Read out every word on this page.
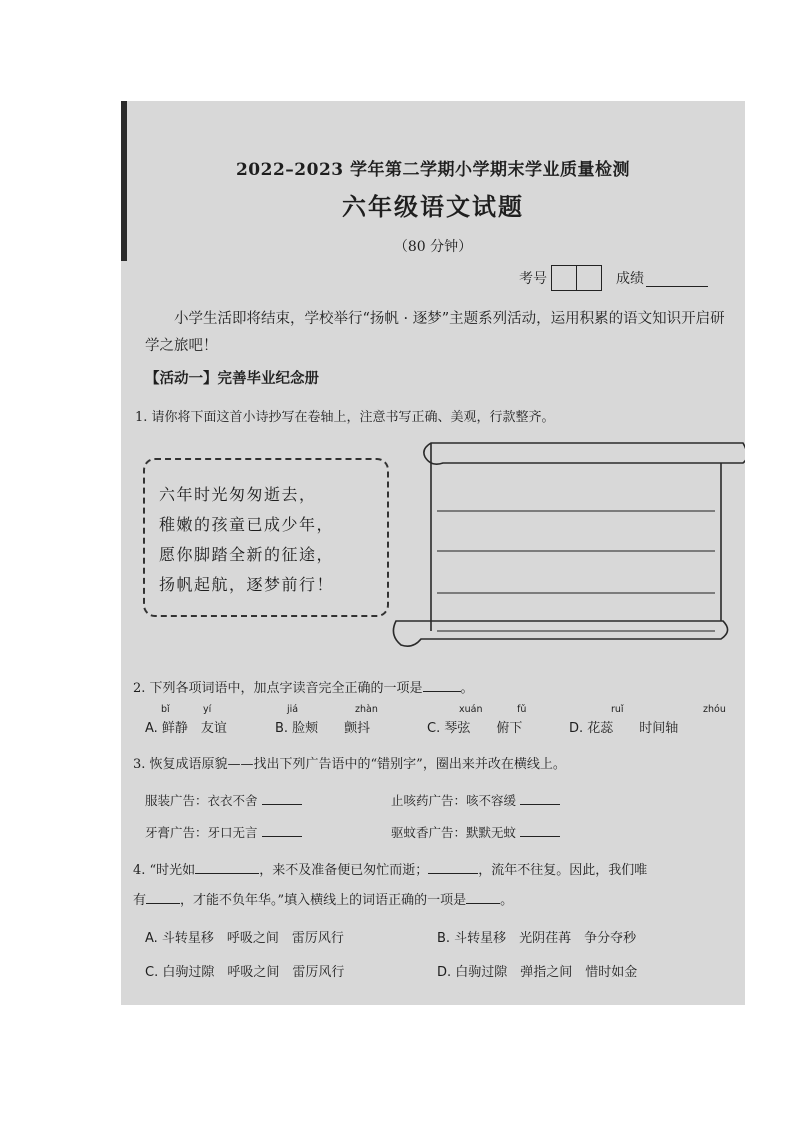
2022–2023 学年第二学期小学期末学业质量检测
六年级语文试题
（80 分钟）
考号	成绩
小学生活即将结束，学校举行“扬帆 · 逐梦”主题系列活动，运用积累的语文知识开启研学之旅吧！
【活动一】完善毕业纪念册
1. 请你将下面这首小诗抄写在卷轴上，注意书写正确、美观，行款整齐。
六年时光匆匆逝去，
稚嫩的孩童已成少年，
愿你脚踏全新的征途，
扬帆起航，逐梦前行！
2. 下列各项词语中，加点字读音完全正确的一项是	。
bǐ	yí	jiá	zhàn	xuán	fǔ	ruǐ	zhóu
A. 鲜静　友谊	B. 脸颊　　颤抖	C. 琴弦　　俯下	D. 花蕊　　时间轴
3. 恢复成语原貌——找出下列广告语中的“错别字”，圈出来并改在横线上。
服装广告：衣衣不舍	止咳药广告：咳不容缓
牙膏广告：牙口无言	驱蚊香广告：默默无蚊
4. “时光如	，来不及准备便已匆忙而逝；	，流年不往复。因此，我们唯
有	，才能不负年华。”填入横线上的词语正确的一项是	。
A. 斗转星移　呼吸之间　雷厉风行	B. 斗转星移　光阴荏苒　争分夺秒
C. 白驹过隙　呼吸之间　雷厉风行	D. 白驹过隙　弹指之间　惜时如金
